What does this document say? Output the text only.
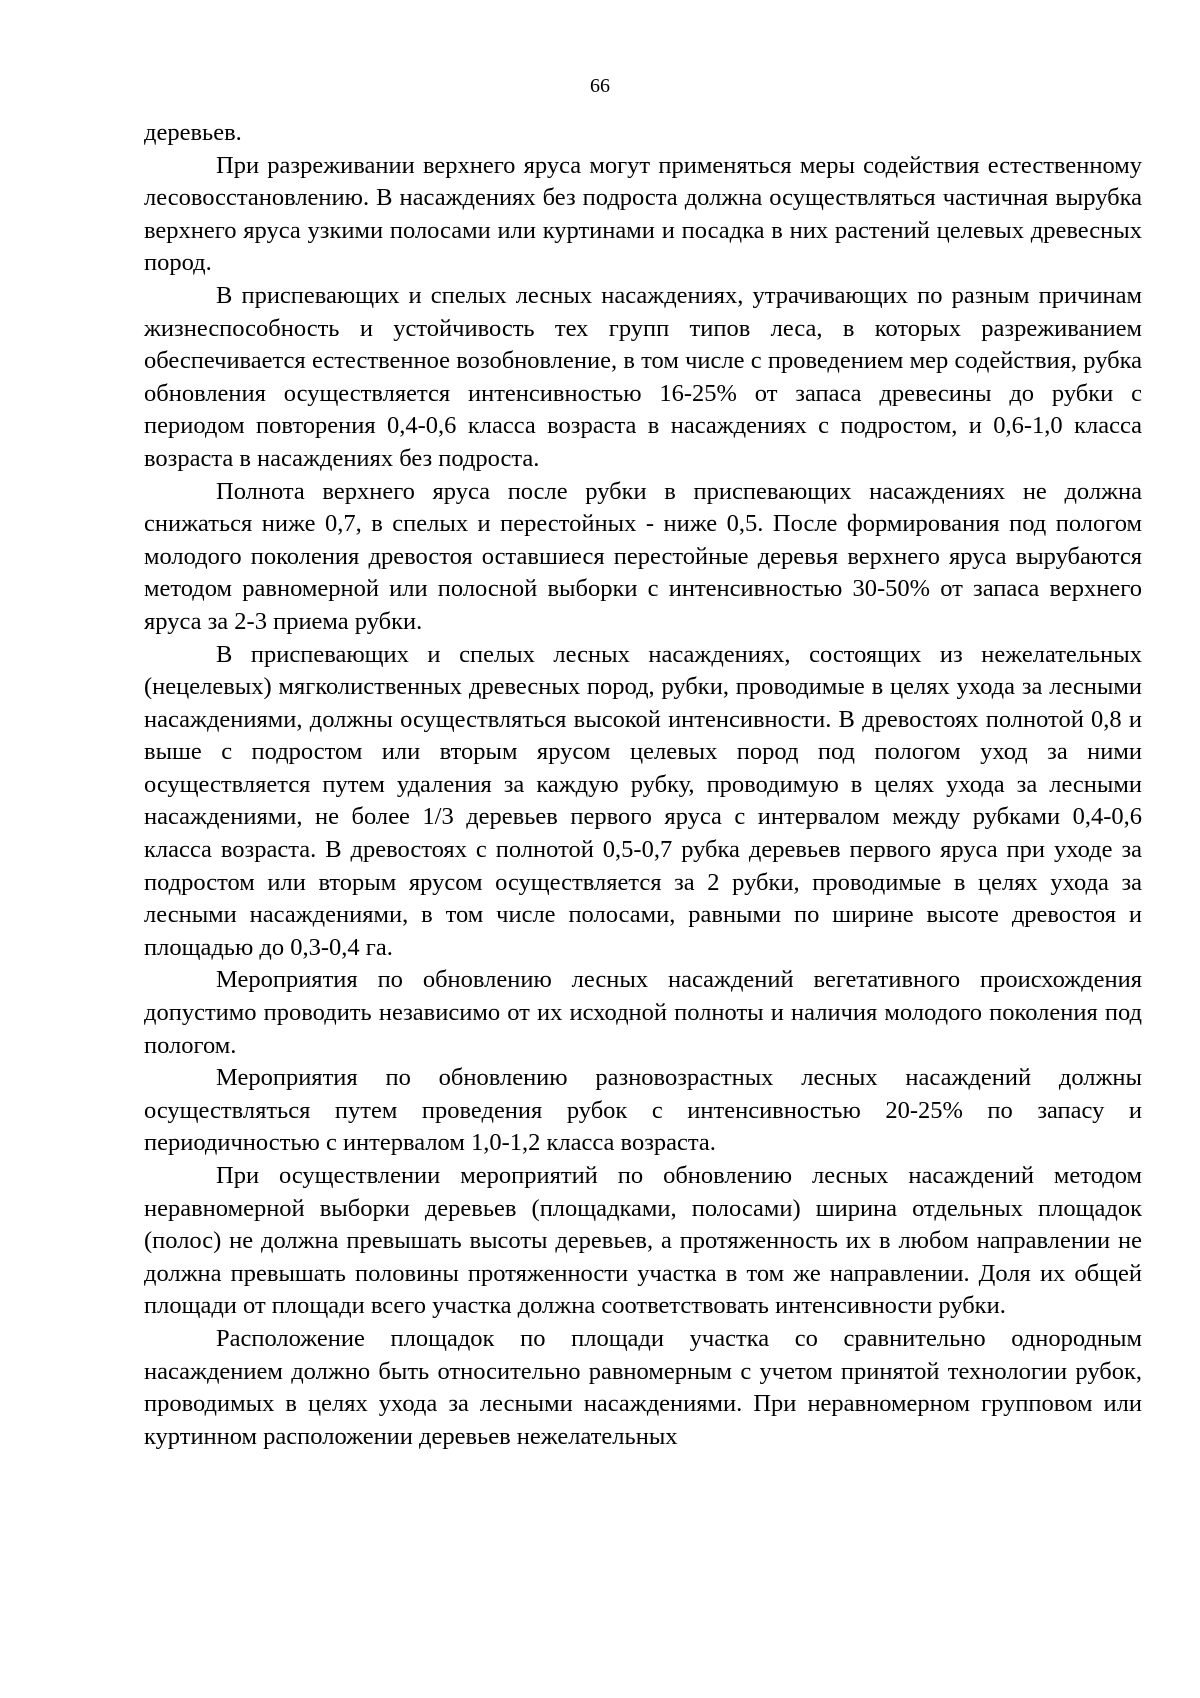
66

деревьев.

При разреживании верхнего яруса могут применяться меры содействия естественному лесовосстановлению. В насаждениях без подроста должна осуществляться частичная вырубка верхнего яруса узкими полосами или куртинами и посадка в них растений целевых древесных пород.

В приспевающих и спелых лесных насаждениях, утрачивающих по разным причинам жизнеспособность и устойчивость тех групп типов леса, в которых разреживанием обеспечивается естественное возобновление, в том числе с проведением мер содействия, рубка обновления осуществляется интенсивностью 16-25% от запаса древесины до рубки с периодом повторения 0,4-0,6 класса возраста в насаждениях с подростом, и 0,6-1,0 класса возраста в насаждениях без подроста.

Полнота верхнего яруса после рубки в приспевающих насаждениях не должна снижаться ниже 0,7, в спелых и перестойных - ниже 0,5. После формирования под пологом молодого поколения древостоя оставшиеся перестойные деревья верхнего яруса вырубаются методом равномерной или полосной выборки с интенсивностью 30-50% от запаса верхнего яруса за 2-3 приема рубки.

В приспевающих и спелых лесных насаждениях, состоящих из нежелательных (нецелевых) мягколиственных древесных пород, рубки, проводимые в целях ухода за лесными насаждениями, должны осуществляться высокой интенсивности. В древостоях полнотой 0,8 и выше с подростом или вторым ярусом целевых пород под пологом уход за ними осуществляется путем удаления за каждую рубку, проводимую в целях ухода за лесными насаждениями, не более 1/3 деревьев первого яруса с интервалом между рубками 0,4-0,6 класса возраста. В древостоях с полнотой 0,5-0,7 рубка деревьев первого яруса при уходе за подростом или вторым ярусом осуществляется за 2 рубки, проводимые в целях ухода за лесными насаждениями, в том числе полосами, равными по ширине высоте древостоя и площадью до 0,3-0,4 га.

Мероприятия по обновлению лесных насаждений вегетативного происхождения допустимо проводить независимо от их исходной полноты и наличия молодого поколения под пологом.

Мероприятия по обновлению разновозрастных лесных насаждений должны осуществляться путем проведения рубок с интенсивностью 20-25% по запасу и периодичностью с интервалом 1,0-1,2 класса возраста.

При осуществлении мероприятий по обновлению лесных насаждений методом неравномерной выборки деревьев (площадками, полосами) ширина отдельных площадок (полос) не должна превышать высоты деревьев, а протяженность их в любом направлении не должна превышать половины протяженности участка в том же направлении. Доля их общей площади от площади всего участка должна соответствовать интенсивности рубки.

Расположение площадок по площади участка со сравнительно однородным насаждением должно быть относительно равномерным с учетом принятой технологии рубок, проводимых в целях ухода за лесными насаждениями. При неравномерном групповом или куртинном расположении деревьев нежелательных
